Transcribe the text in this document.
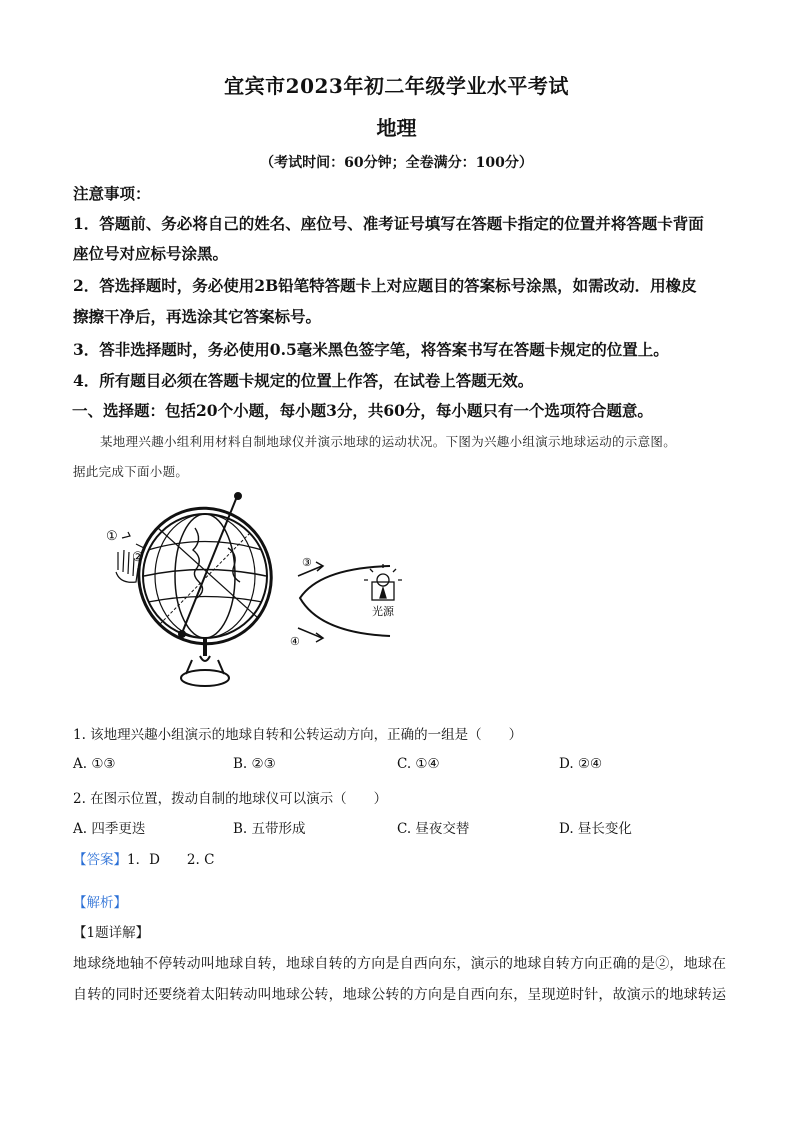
宜宾市2023年初二年级学业水平考试
地理
（考试时间：60分钟；全卷满分：100分）
注意事项：
1．答题前、务必将自己的姓名、座位号、准考证号填写在答题卡指定的位置并将答题卡背面
座位号对应标号涂黑。
2．答选择题时，务必使用2B铅笔特答题卡上对应题目的答案标号涂黑，如需改动．用橡皮
擦擦干净后，再选涂其它答案标号。
3．答非选择题时，务必使用0.5毫米黑色签字笔，将答案书写在答题卡规定的位置上。
4．所有题目必须在答题卡规定的位置上作答，在试卷上答题无效。
一、选择题：包括20个小题，每小题3分，共60分，每小题只有一个选项符合题意。
某地理兴趣小组利用材料自制地球仪并演示地球的运动状况。下图为兴趣小组演示地球运动的示意图。
据此完成下面小题。
①
②	③
④
光源
1. 该地理兴趣小组演示的地球自转和公转运动方向，正确的一组是（　　）
A. ①③	B. ②③	C. ①④	D. ②④
2. 在图示位置，拨动自制的地球仪可以演示（　　）
A. 四季更迭	B. 五带形成	C. 昼夜交替	D. 昼长变化
【答案】1．D　　2. C
【解析】
【1题详解】
地球绕地轴不停转动叫地球自转，地球自转的方向是自西向东，演示的地球自转方向正确的是②，地球在
自转的同时还要绕着太阳转动叫地球公转，地球公转的方向是自西向东，呈现逆时针，故演示的地球转运
